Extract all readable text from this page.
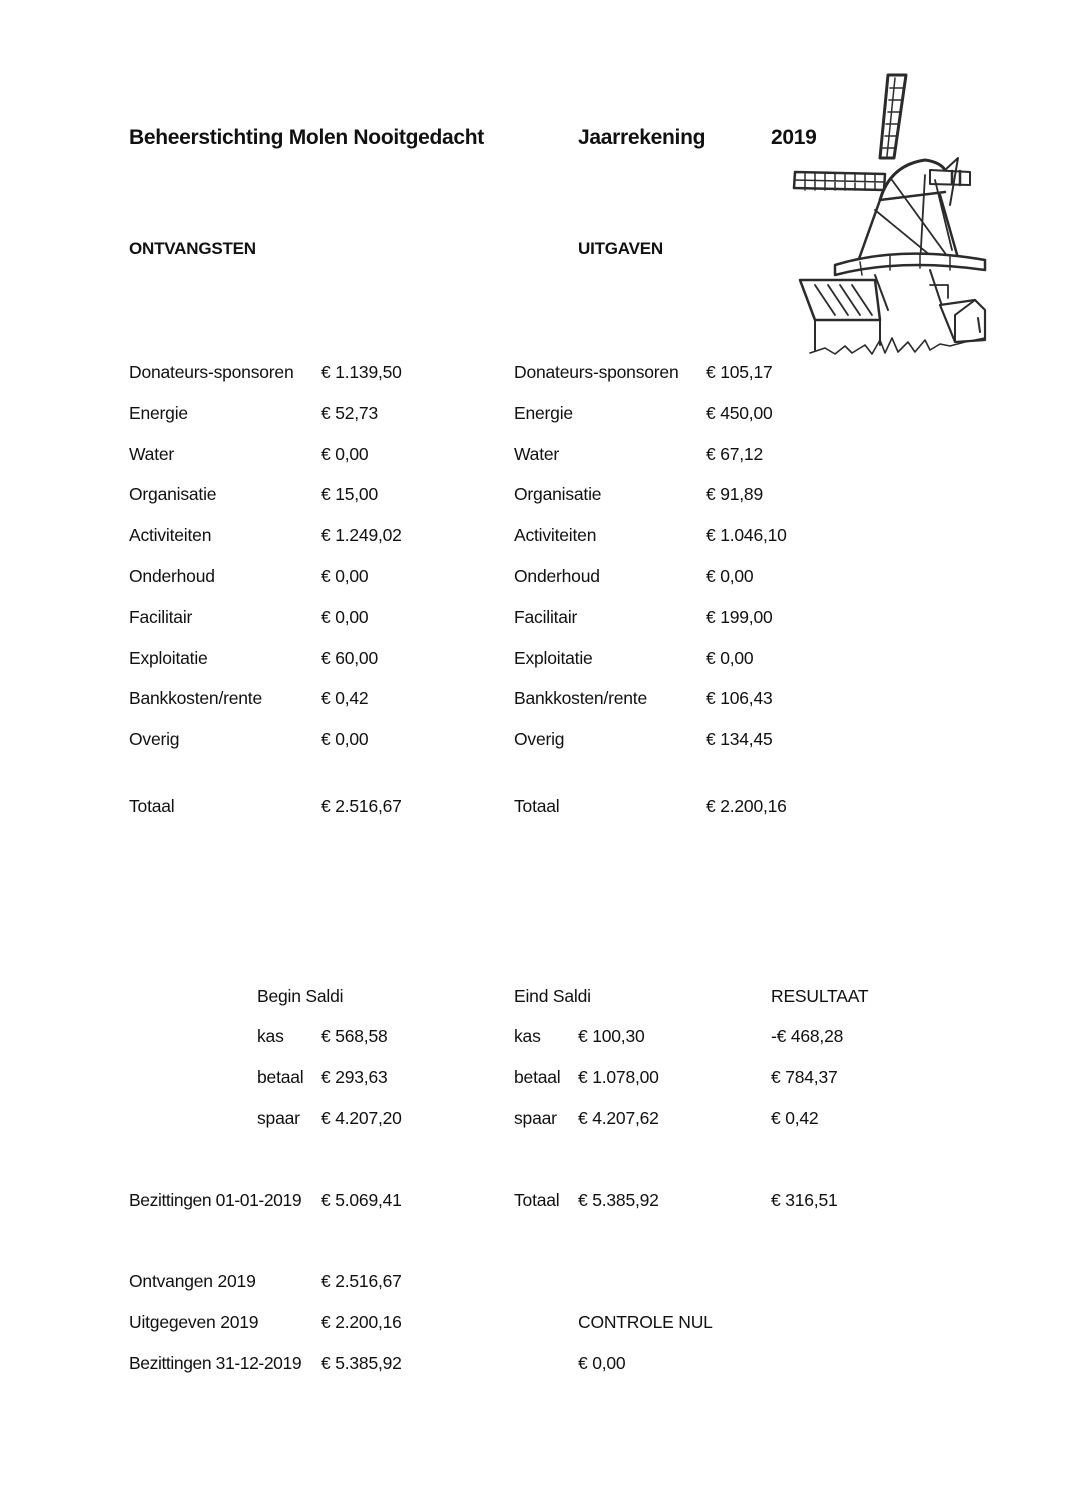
Beheerstichting Molen Nooitgedacht	Jaarrekening	2019
ONTVANGSTEN	UITGAVEN
Donateurs-sponsoren € 1.139,50
Energie	€ 52,73
Water	€ 0,00
Organisatie	€ 15,00
Activiteiten	€ 1.249,02
Onderhoud	€ 0,00
Facilitair	€ 0,00
Exploitatie	€ 60,00
Bankkosten/rente	€ 0,42
Overig	€ 0,00
Totaal	€ 2.516,67
Donateurs-sponsoren € 105,17
Energie	€ 450,00
Water	€ 67,12
Organisatie	€ 91,89
Activiteiten	€ 1.046,10
Onderhoud	€ 0,00
Facilitair	€ 199,00
Exploitatie	€ 0,00
Bankkosten/rente	€ 106,43
Overig	€ 134,45
Totaal	€ 2.200,16
Begin Saldi	Eind Saldi	RESULTAAT
kas € 568,58	kas € 100,30	-€ 468,28
betaal € 293,63	betaal € 1.078,00	€ 784,37
spaar € 4.207,20	spaar € 4.207,62	€ 0,42
Bezittingen 01-01-2019 € 5.069,41	Totaal € 5.385,92	€ 316,51
Ontvangen 2019	€ 2.516,67
Uitgegeven 2019	€ 2.200,16	CONTROLE NUL
Bezittingen 31-12-2019 € 5.385,92	€ 0,00
